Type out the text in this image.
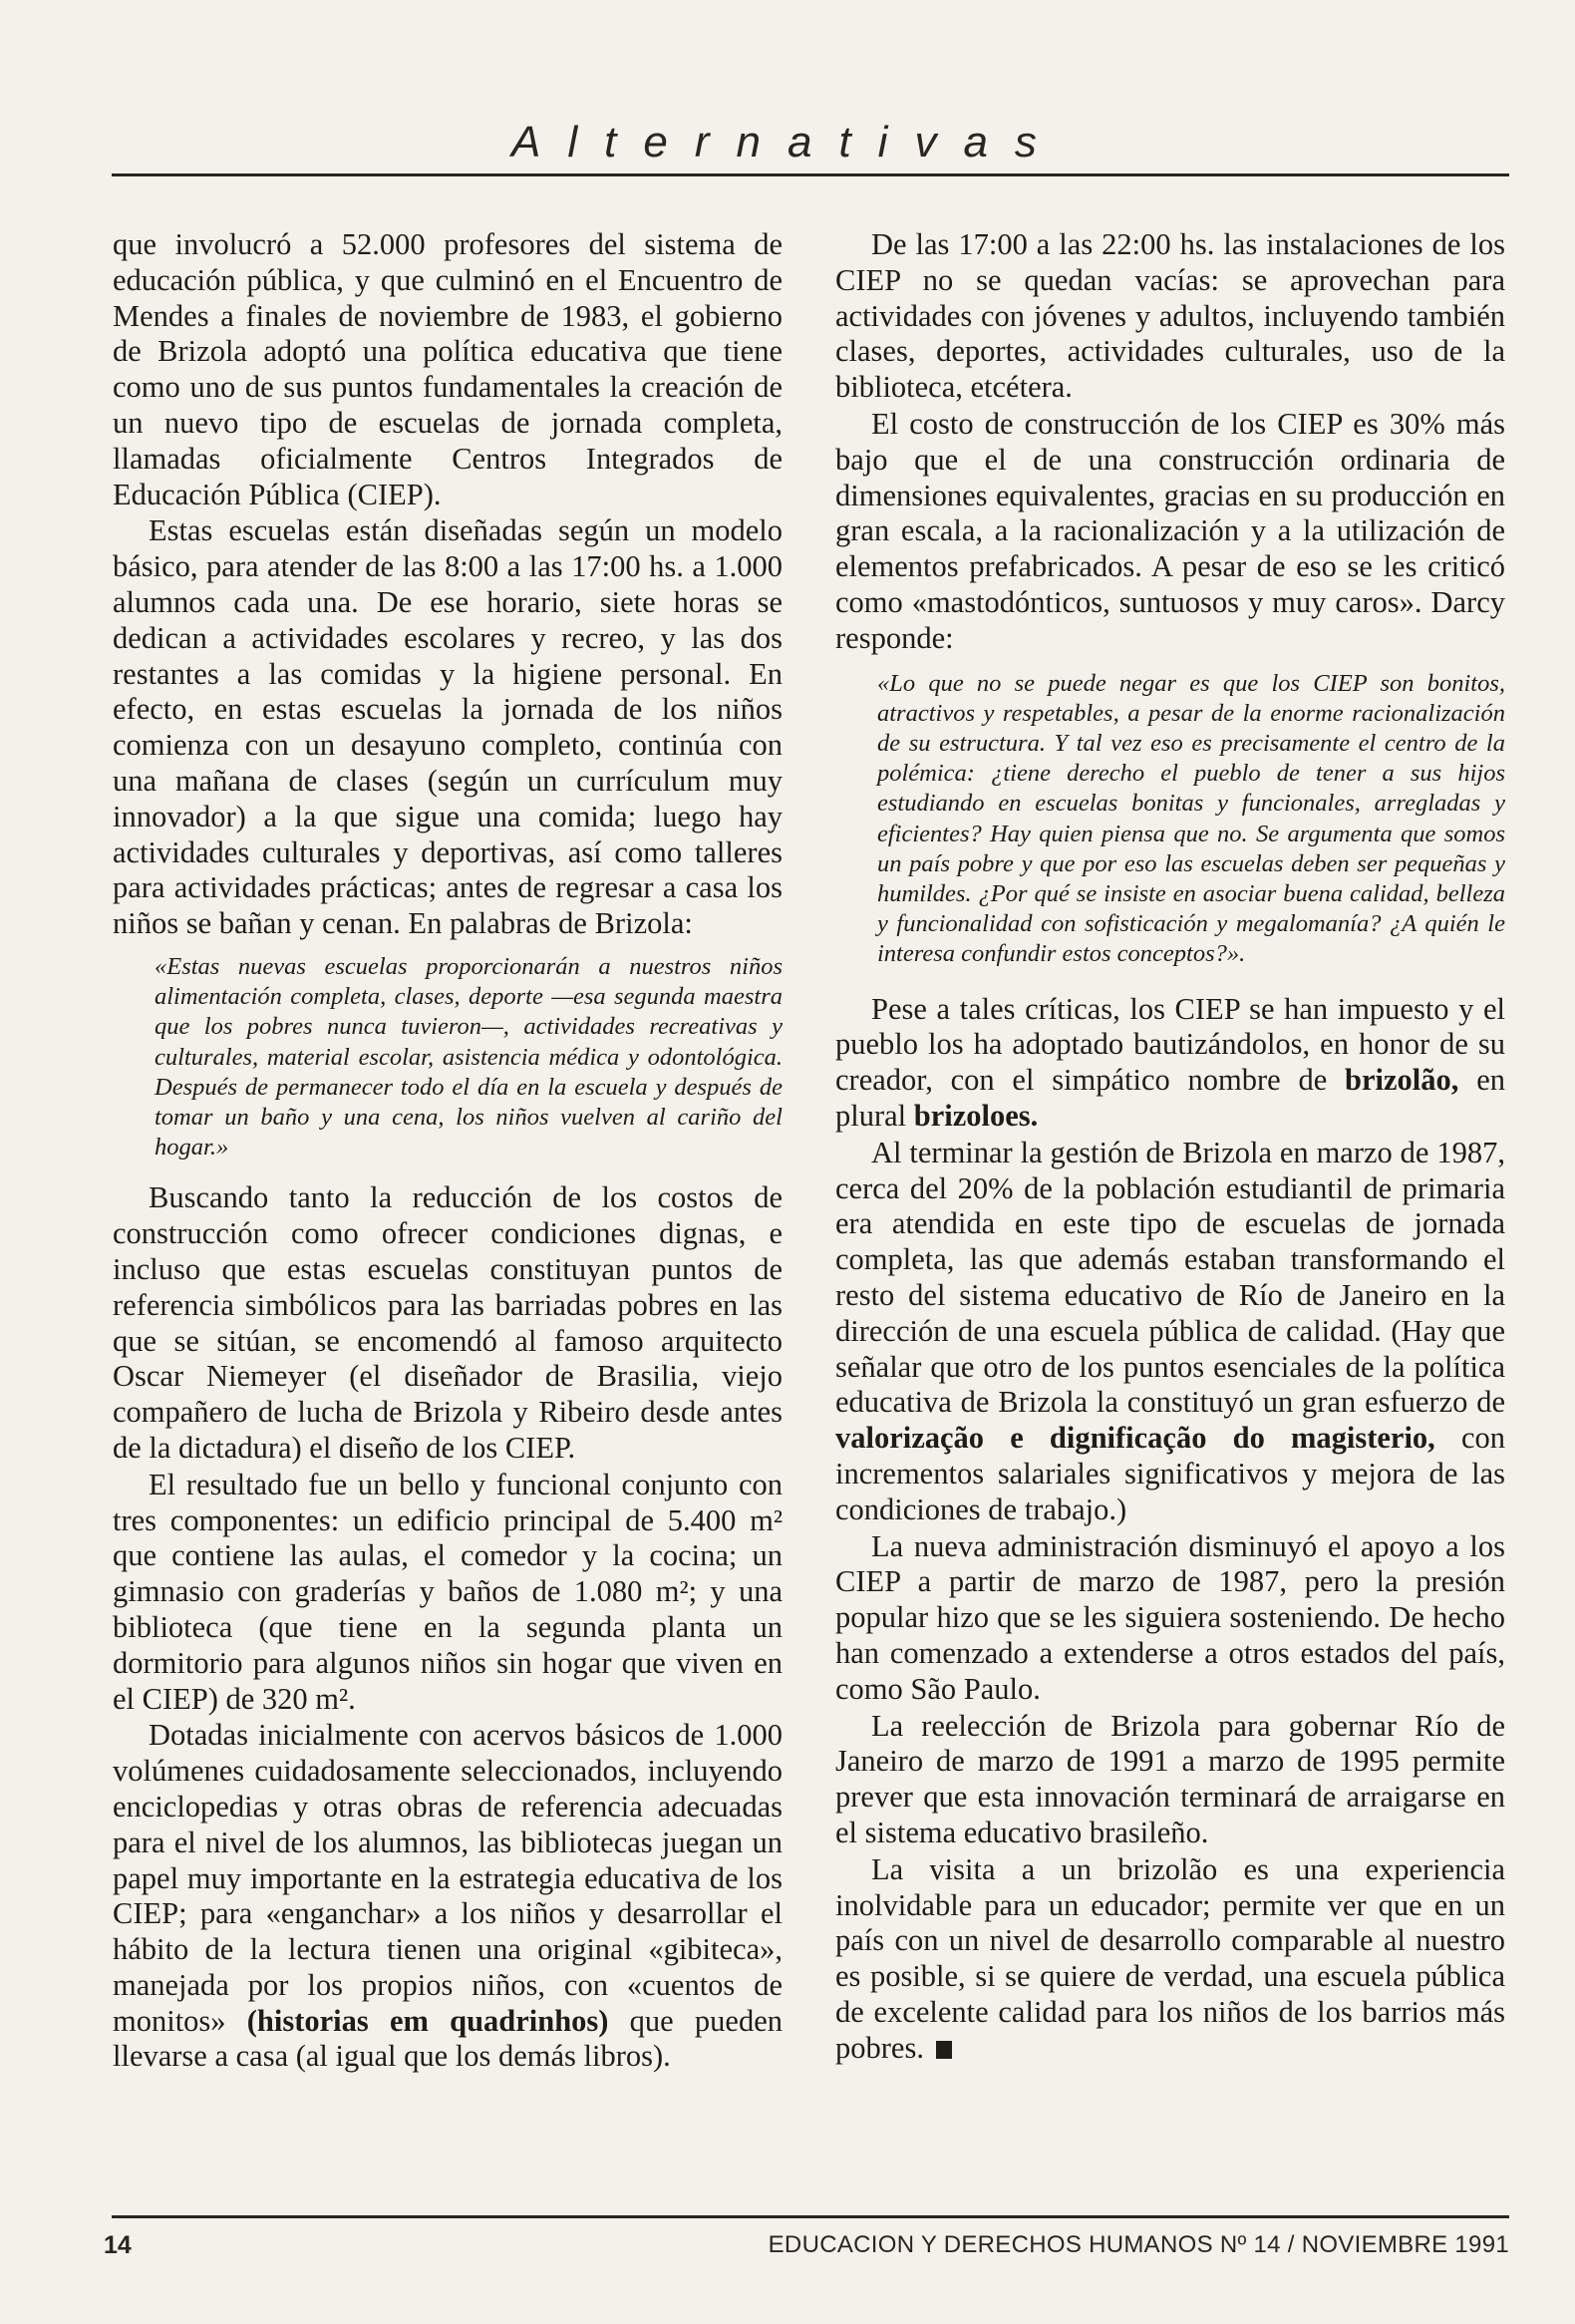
Alternativas

que involucró a 52.000 profesores del sistema de educación pública, y que culminó en el Encuentro de Mendes a finales de noviembre de 1983, el gobierno de Brizola adoptó una política educativa que tiene como uno de sus puntos fundamentales la creación de un nuevo tipo de escuelas de jornada completa, llamadas oficialmente Centros Integrados de Educación Pública (CIEP).

Estas escuelas están diseñadas según un modelo básico, para atender de las 8:00 a las 17:00 hs. a 1.000 alumnos cada una. De ese horario, siete horas se dedican a actividades escolares y recreo, y las dos restantes a las comidas y la higiene personal. En efecto, en estas escuelas la jornada de los niños comienza con un desayuno completo, continúa con una mañana de clases (según un currículum muy innovador) a la que sigue una comida; luego hay actividades culturales y deportivas, así como talleres para actividades prácticas; antes de regresar a casa los niños se bañan y cenan. En palabras de Brizola:

«Estas nuevas escuelas proporcionarán a nuestros niños alimentación completa, clases, deporte —esa segunda maestra que los pobres nunca tuvieron—, actividades recreativas y culturales, material escolar, asistencia médica y odontológica. Después de permanecer todo el día en la escuela y después de tomar un baño y una cena, los niños vuelven al cariño del hogar.»

Buscando tanto la reducción de los costos de construcción como ofrecer condiciones dignas, e incluso que estas escuelas constituyan puntos de referencia simbólicos para las barriadas pobres en las que se sitúan, se encomendó al famoso arquitecto Oscar Niemeyer (el diseñador de Brasilia, viejo compañero de lucha de Brizola y Ribeiro desde antes de la dictadura) el diseño de los CIEP.

El resultado fue un bello y funcional conjunto con tres componentes: un edificio principal de 5.400 m² que contiene las aulas, el comedor y la cocina; un gimnasio con graderías y baños de 1.080 m²; y una biblioteca (que tiene en la segunda planta un dormitorio para algunos niños sin hogar que viven en el CIEP) de 320 m².

Dotadas inicialmente con acervos básicos de 1.000 volúmenes cuidadosamente seleccionados, incluyendo enciclopedias y otras obras de referencia adecuadas para el nivel de los alumnos, las bibliotecas juegan un papel muy importante en la estrategia educativa de los CIEP; para «enganchar» a los niños y desarrollar el hábito de la lectura tienen una original «gibiteca», manejada por los propios niños, con «cuentos de monitos» (historias em quadrinhos) que pueden llevarse a casa (al igual que los demás libros).

De las 17:00 a las 22:00 hs. las instalaciones de los CIEP no se quedan vacías: se aprovechan para actividades con jóvenes y adultos, incluyendo también clases, deportes, actividades culturales, uso de la biblioteca, etcétera.

El costo de construcción de los CIEP es 30% más bajo que el de una construcción ordinaria de dimensiones equivalentes, gracias en su producción en gran escala, a la racionalización y a la utilización de elementos prefabricados. A pesar de eso se les criticó como «mastodónticos, suntuosos y muy caros». Darcy responde:

«Lo que no se puede negar es que los CIEP son bonitos, atractivos y respetables, a pesar de la enorme racionalización de su estructura. Y tal vez eso es precisamente el centro de la polémica: ¿tiene derecho el pueblo de tener a sus hijos estudiando en escuelas bonitas y funcionales, arregladas y eficientes? Hay quien piensa que no. Se argumenta que somos un país pobre y que por eso las escuelas deben ser pequeñas y humildes. ¿Por qué se insiste en asociar buena calidad, belleza y funcionalidad con sofisticación y megalomanía? ¿A quién le interesa confundir estos conceptos?».

Pese a tales críticas, los CIEP se han impuesto y el pueblo los ha adoptado bautizándolos, en honor de su creador, con el simpático nombre de brizolão, en plural brizoloes.

Al terminar la gestión de Brizola en marzo de 1987, cerca del 20% de la población estudiantil de primaria era atendida en este tipo de escuelas de jornada completa, las que además estaban transformando el resto del sistema educativo de Río de Janeiro en la dirección de una escuela pública de calidad. (Hay que señalar que otro de los puntos esenciales de la política educativa de Brizola la constituyó un gran esfuerzo de valorização e dignificação do magisterio, con incrementos salariales significativos y mejora de las condiciones de trabajo.)

La nueva administración disminuyó el apoyo a los CIEP a partir de marzo de 1987, pero la presión popular hizo que se les siguiera sosteniendo. De hecho han comenzado a extenderse a otros estados del país, como São Paulo.

La reelección de Brizola para gobernar Río de Janeiro de marzo de 1991 a marzo de 1995 permite prever que esta innovación terminará de arraigarse en el sistema educativo brasileño.

La visita a un brizolão es una experiencia inolvidable para un educador; permite ver que en un país con un nivel de desarrollo comparable al nuestro es posible, si se quiere de verdad, una escuela pública de excelente calidad para los niños de los barrios más pobres.

14	EDUCACION Y DERECHOS HUMANOS Nº 14 / NOVIEMBRE 1991
